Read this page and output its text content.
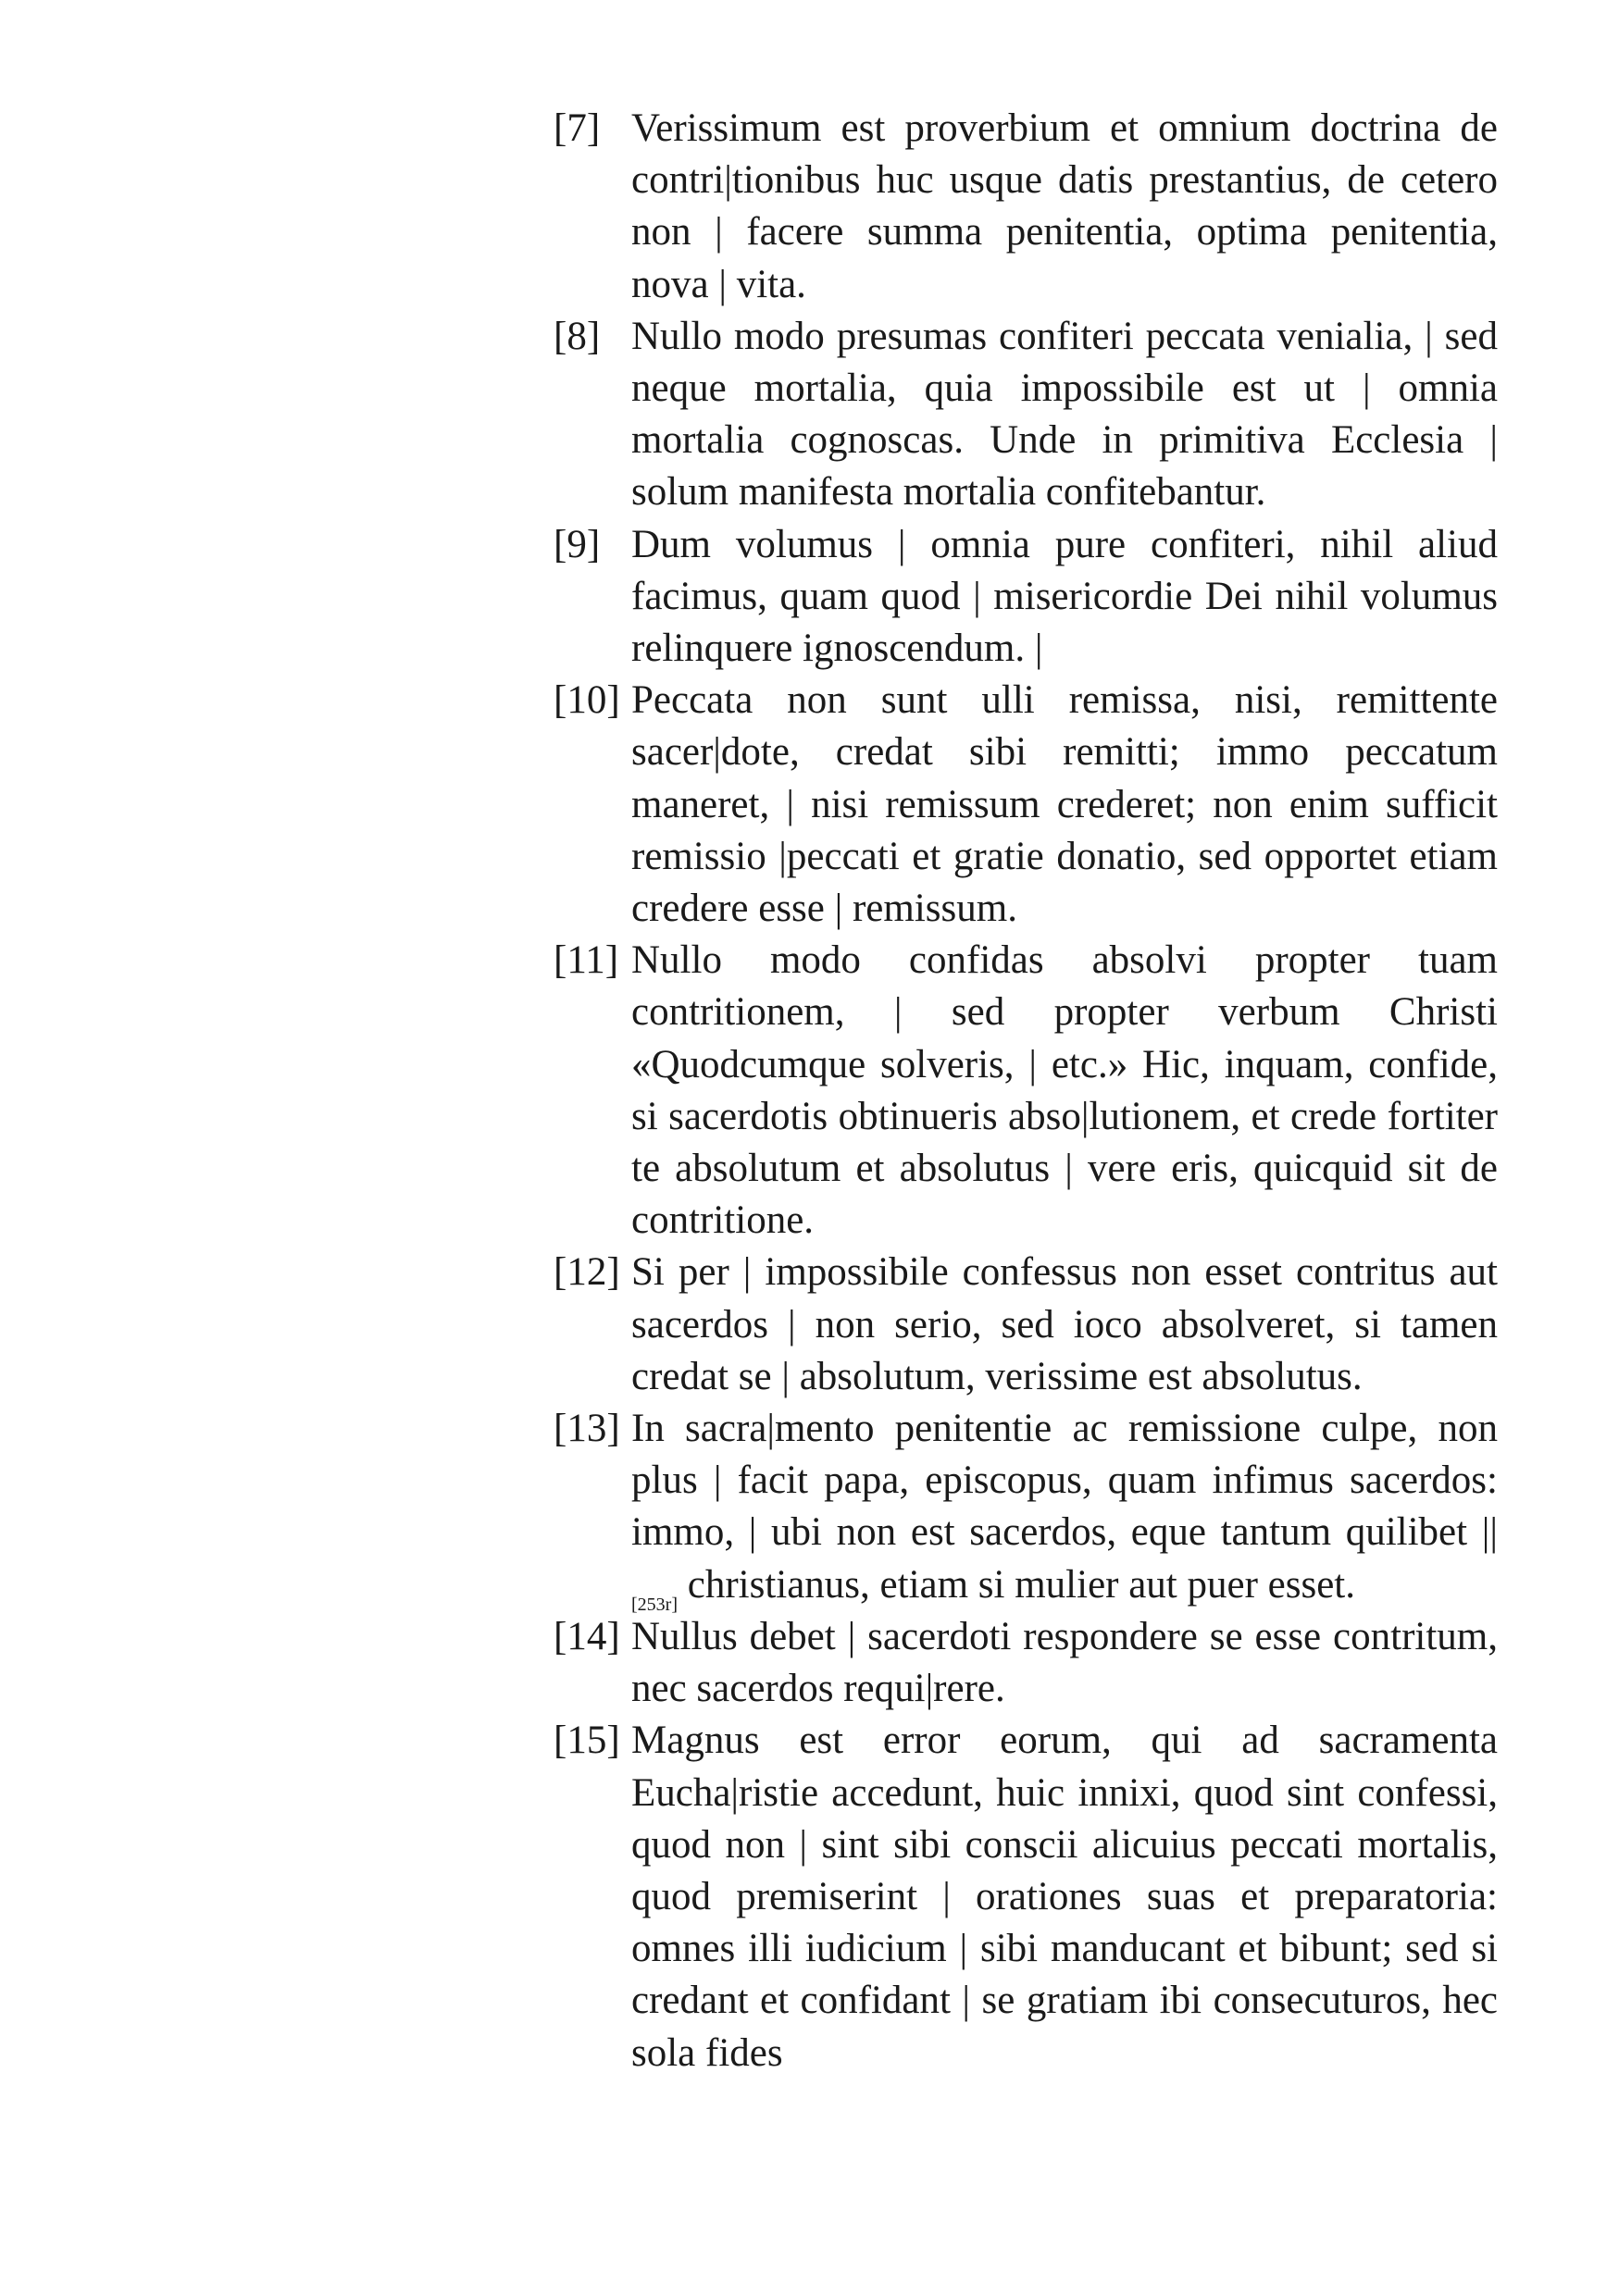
[7] Verissimum est proverbium et omnium doctrina de contri|tionibus huc usque datis prestantius, de cetero non | facere summa penitentia, optima penitentia, nova | vita.

[8] Nullo modo presumas confiteri peccata venialia, | sed neque mortalia, quia impossibile est ut | omnia mortalia cognoscas. Unde in primitiva Ecclesia | solum manifesta mortalia confitebantur.

[9] Dum volumus | omnia pure confiteri, nihil aliud facimus, quam quod | misericordie Dei nihil volumus relinquere ignoscendum. |

[10] Peccata non sunt ulli remissa, nisi, remittente sacer|dote, credat sibi remitti; immo peccatum maneret, | nisi remissum crederet; non enim sufficit remissio |peccati et gratie donatio, sed opportet etiam credere esse | remissum.

[11] Nullo modo confidas absolvi propter tuam contritionem, | sed propter verbum Christi «Quodcumque solveris, | etc.» Hic, inquam, confide, si sacerdotis obtinueris abso|lutionem, et crede fortiter te absolutum et absolutus | vere eris, quicquid sit de contritione.

[12] Si per | impossibile confessus non esset contritus aut sacerdos | non serio, sed ioco absolveret, si tamen credat se | absolutum, verissime est absolutus.

[13] In sacra|mento penitentie ac remissione culpe, non plus | facit papa, episcopus, quam infimus sacerdos: immo, | ubi non est sacerdos, eque tantum quilibet $||_{[253r]}$ christianus, etiam si mulier aut puer esset.

[14] Nullus debet | sacerdoti respondere se esse contritum, nec sacerdos requi|rere.

[15] Magnus est error eorum, qui ad sacramenta Eucha|ristie accedunt, huic innixi, quod sint confessi, quod non | sint sibi conscii alicuius peccati mortalis, quod premiserint | orationes suas et preparatoria: omnes illi iudicium | sibi manducant et bibunt; sed si credant et confidant | se gratiam ibi consecuturos, hec sola fides
